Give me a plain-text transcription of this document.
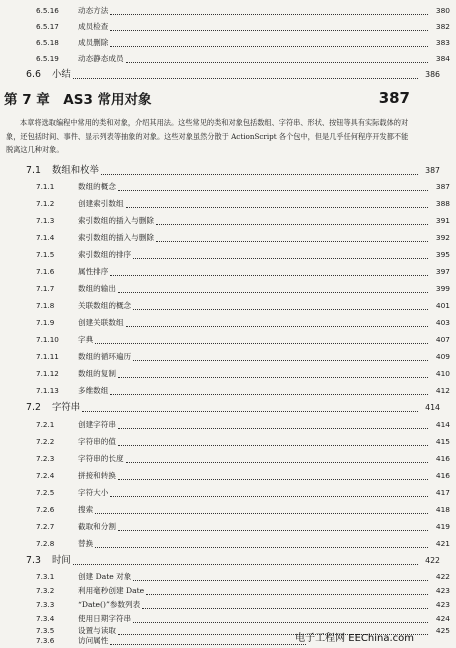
6.5.16	动态方法	380
6.5.17	成员检查	382
6.5.18	成员删除	383
6.5.19	动态静态成员	384
6.6	小结	386
第 7 章　AS3 常用对象	387
本章将选取编程中常用的类和对象，介绍其用法。这些常见的类和对象包括数组、字符串、形状、按钮等具有实际载体的对象，还包括时间、事件、显示列表等抽象的对象。这些对象虽然分散于 ActionScript 各个包中，但是几乎任何程序开发都不能脱离这几种对象。
7.1	数组和枚举	387
7.1.1	数组的概念	387
7.1.2	创建索引数组	388
7.1.3	索引数组的插入与删除	391
7.1.4	索引数组的插入与删除	392
7.1.5	索引数组的排序	395
7.1.6	属性排序	397
7.1.7	数组的输出	399
7.1.8	关联数组的概念	401
7.1.9	创建关联数组	403
7.1.10	字典	407
7.1.11	数组的循环遍历	409
7.1.12	数组的复制	410
7.1.13	多维数组	412
7.2	字符串	414
7.2.1	创建字符串	414
7.2.2	字符串的值	415
7.2.3	字符串的长度	416
7.2.4	拼接和转换	416
7.2.5	字符大小	417
7.2.6	搜索	418
7.2.7	截取和分割	419
7.2.8	替换	421
7.3	时间	422
7.3.1	创建 Date 对象	422
7.3.2	利用毫秒创建 Date	423
7.3.3	“Date()”参数列表	423
7.3.4	使用日期字符串	424
7.3.5	设置与读取	425
7.3.6	访问属性	电子工程网 EEChina.com
